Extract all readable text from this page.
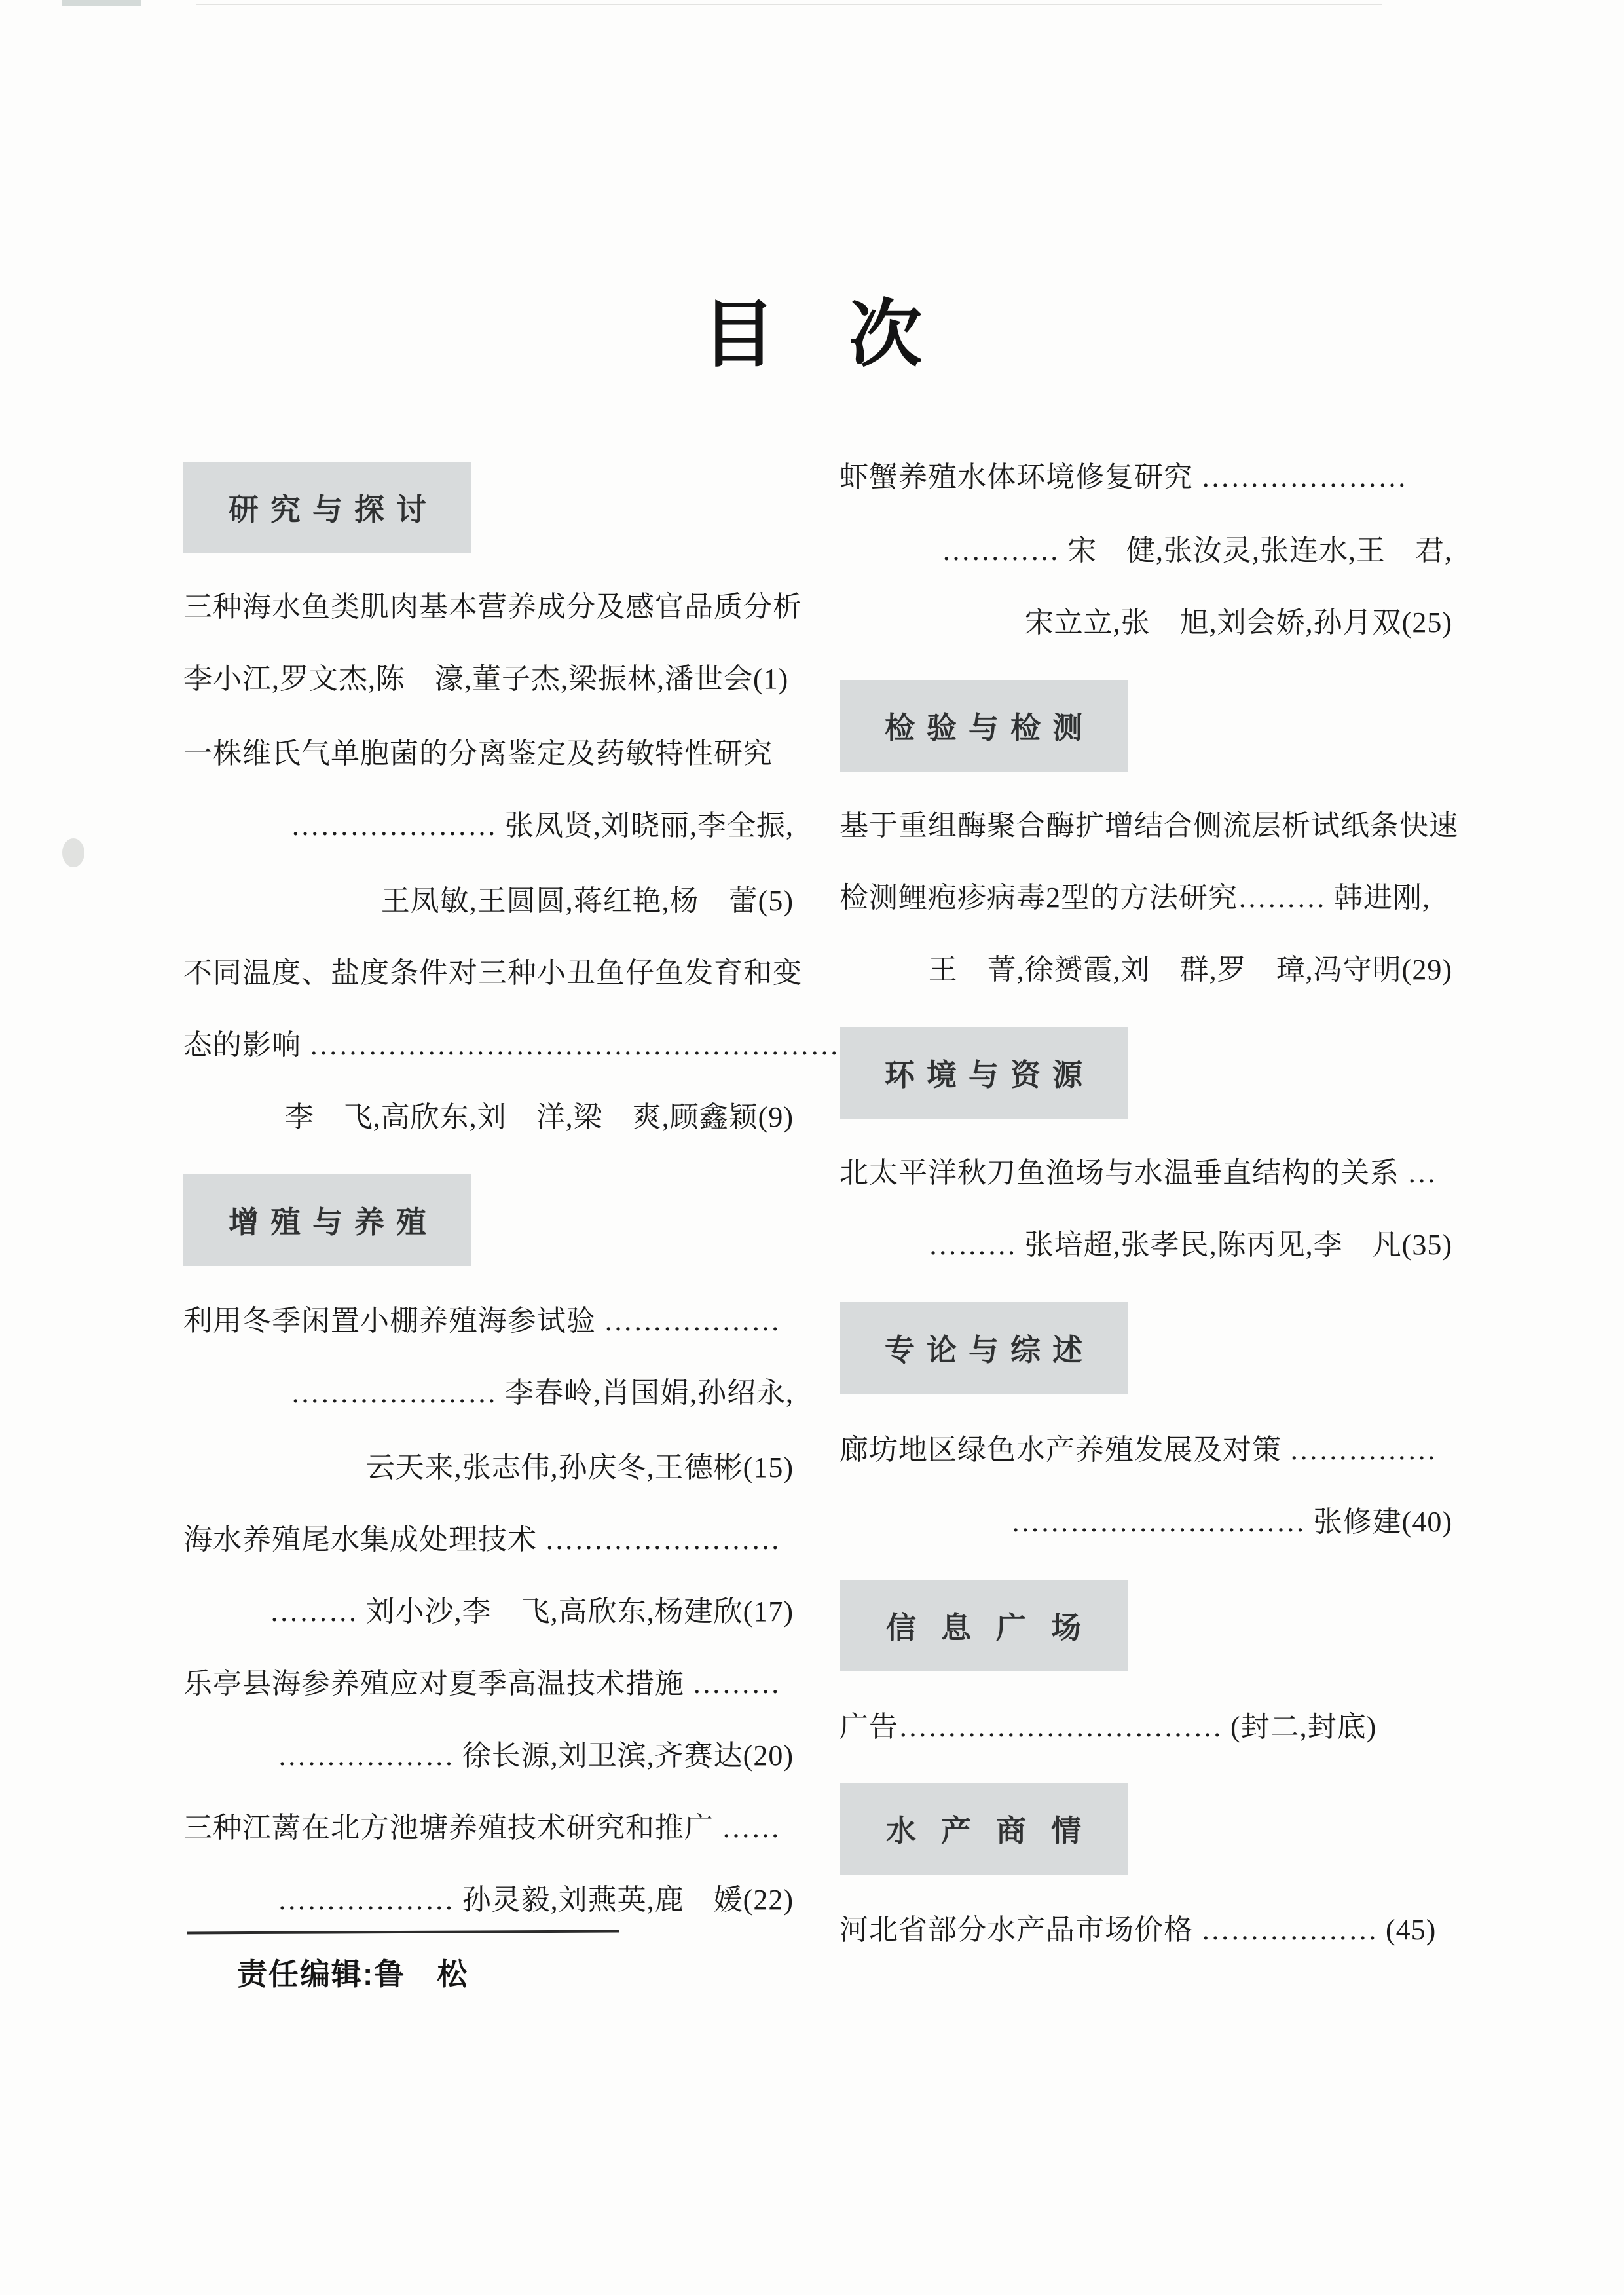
目　次
研究与探讨
三种海水鱼类肌肉基本营养成分及感官品质分析
李小江,罗文杰,陈　濠,董子杰,梁振林,潘世会(1)
一株维氏气单胞菌的分离鉴定及药敏特性研究
………………… 张凤贤,刘晓丽,李全振,
王凤敏,王圆圆,蒋红艳,杨　蕾(5)
不同温度、盐度条件对三种小丑鱼仔鱼发育和变
态的影响 ………………………………………………
李　飞,高欣东,刘　洋,梁　爽,顾鑫颖(9)
增殖与养殖
利用冬季闲置小棚养殖海参试验 ………………
………………… 李春岭,肖国娟,孙绍永,
云天来,张志伟,孙庆冬,王德彬(15)
海水养殖尾水集成处理技术 ……………………
……… 刘小沙,李　飞,高欣东,杨建欣(17)
乐亭县海参养殖应对夏季高温技术措施 ………
……………… 徐长源,刘卫滨,齐赛达(20)
三种江蓠在北方池塘养殖技术研究和推广 ……
……………… 孙灵毅,刘燕英,鹿　媛(22)
虾蟹养殖水体环境修复研究 …………………
………… 宋　健,张汝灵,张连水,王　君,
宋立立,张　旭,刘会娇,孙月双(25)
检验与检测
基于重组酶聚合酶扩增结合侧流层析试纸条快速
检测鲤疱疹病毒2型的方法研究……… 韩进刚,
王　菁,徐赟霞,刘　群,罗　璋,冯守明(29)
环境与资源
北太平洋秋刀鱼渔场与水温垂直结构的关系 …
……… 张培超,张孝民,陈丙见,李　凡(35)
专论与综述
廊坊地区绿色水产养殖发展及对策 ……………
………………………… 张修建(40)
信息广场
广告…………………………… (封二,封底)
水产商情
河北省部分水产品市场价格 ……………… (45)
责任编辑:鲁　松
